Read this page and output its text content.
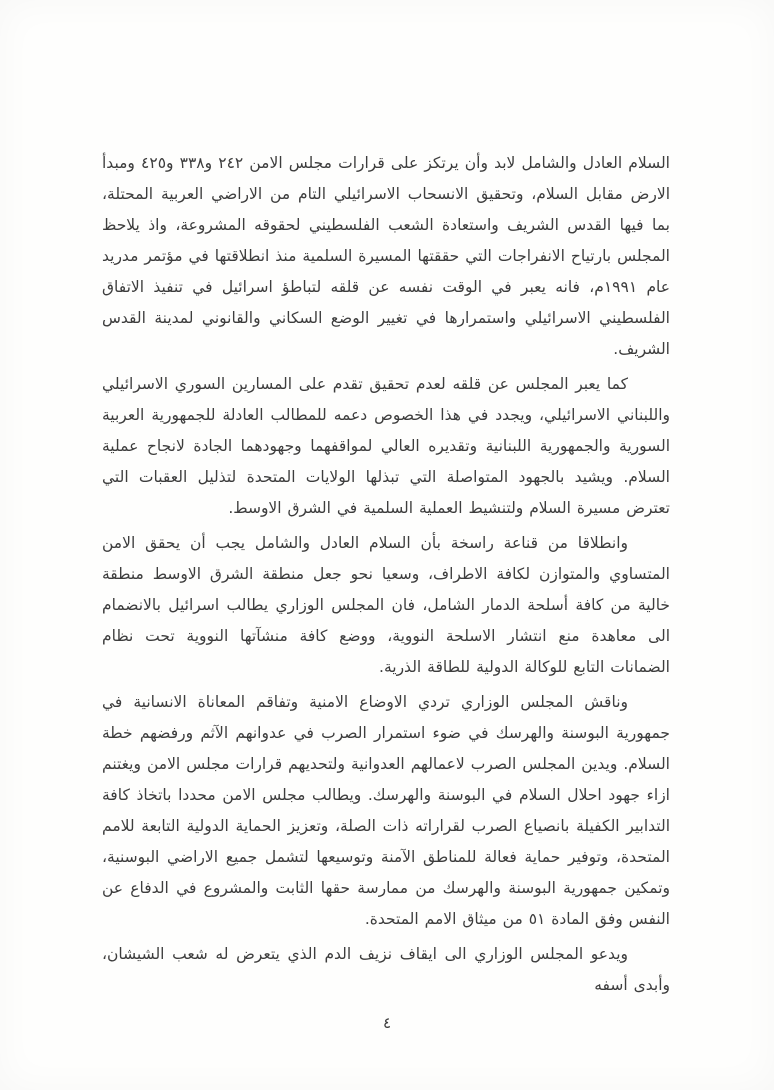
السلام العادل والشامل لابد وأن يرتكز على قرارات مجلس الامن ٢٤٢ و٣٣٨ و٤٢٥ ومبدأ الارض مقابل السلام، وتحقيق الانسحاب الاسرائيلي التام من الاراضي العربية المحتلة، بما فيها القدس الشريف واستعادة الشعب الفلسطيني لحقوقه المشروعة، واذ يلاحظ المجلس بارتياح الانفراجات التي حققتها المسيرة السلمية منذ انطلاقتها في مؤتمر مدريد عام ١٩٩١م، فانه يعبر في الوقت نفسه عن قلقه لتباطؤ اسرائيل في تنفيذ الاتفاق الفلسطيني الاسرائيلي واستمرارها في تغيير الوضع السكاني والقانوني لمدينة القدس الشريف.

كما يعبر المجلس عن قلقه لعدم تحقيق تقدم على المسارين السوري الاسرائيلي واللبناني الاسرائيلي، ويجدد في هذا الخصوص دعمه للمطالب العادلة للجمهورية العربية السورية والجمهورية اللبنانية وتقديره العالي لمواقفهما وجهودهما الجادة لانجاح عملية السلام. ويشيد بالجهود المتواصلة التي تبذلها الولايات المتحدة لتذليل العقبات التي تعترض مسيرة السلام ولتنشيط العملية السلمية في الشرق الاوسط.

وانطلاقا من قناعة راسخة بأن السلام العادل والشامل يجب أن يحقق الامن المتساوي والمتوازن لكافة الاطراف، وسعيا نحو جعل منطقة الشرق الاوسط منطقة خالية من كافة أسلحة الدمار الشامل، فان المجلس الوزاري يطالب اسرائيل بالانضمام الى معاهدة منع انتشار الاسلحة النووية، ووضع كافة منشآتها النووية تحت نظام الضمانات التابع للوكالة الدولية للطاقة الذرية.

وناقش المجلس الوزاري تردي الاوضاع الامنية وتفاقم المعاناة الانسانية في جمهورية البوسنة والهرسك في ضوء استمرار الصرب في عدوانهم الآثم ورفضهم خطة السلام. ويدين المجلس الصرب لاعمالهم العدوانية ولتحديهم قرارات مجلس الامن ويغتنم ازاء جهود احلال السلام في البوسنة والهرسك. ويطالب مجلس الامن محددا باتخاذ كافة التدابير الكفيلة بانصياع الصرب لقراراته ذات الصلة، وتعزيز الحماية الدولية التابعة للامم المتحدة، وتوفير حماية فعالة للمناطق الآمنة وتوسيعها لتشمل جميع الاراضي البوسنية، وتمكين جمهورية البوسنة والهرسك من ممارسة حقها الثابت والمشروع في الدفاع عن النفس وفق المادة ٥١ من ميثاق الامم المتحدة.

ويدعو المجلس الوزاري الى ايقاف نزيف الدم الذي يتعرض له شعب الشيشان، وأبدى أسفه

٤
